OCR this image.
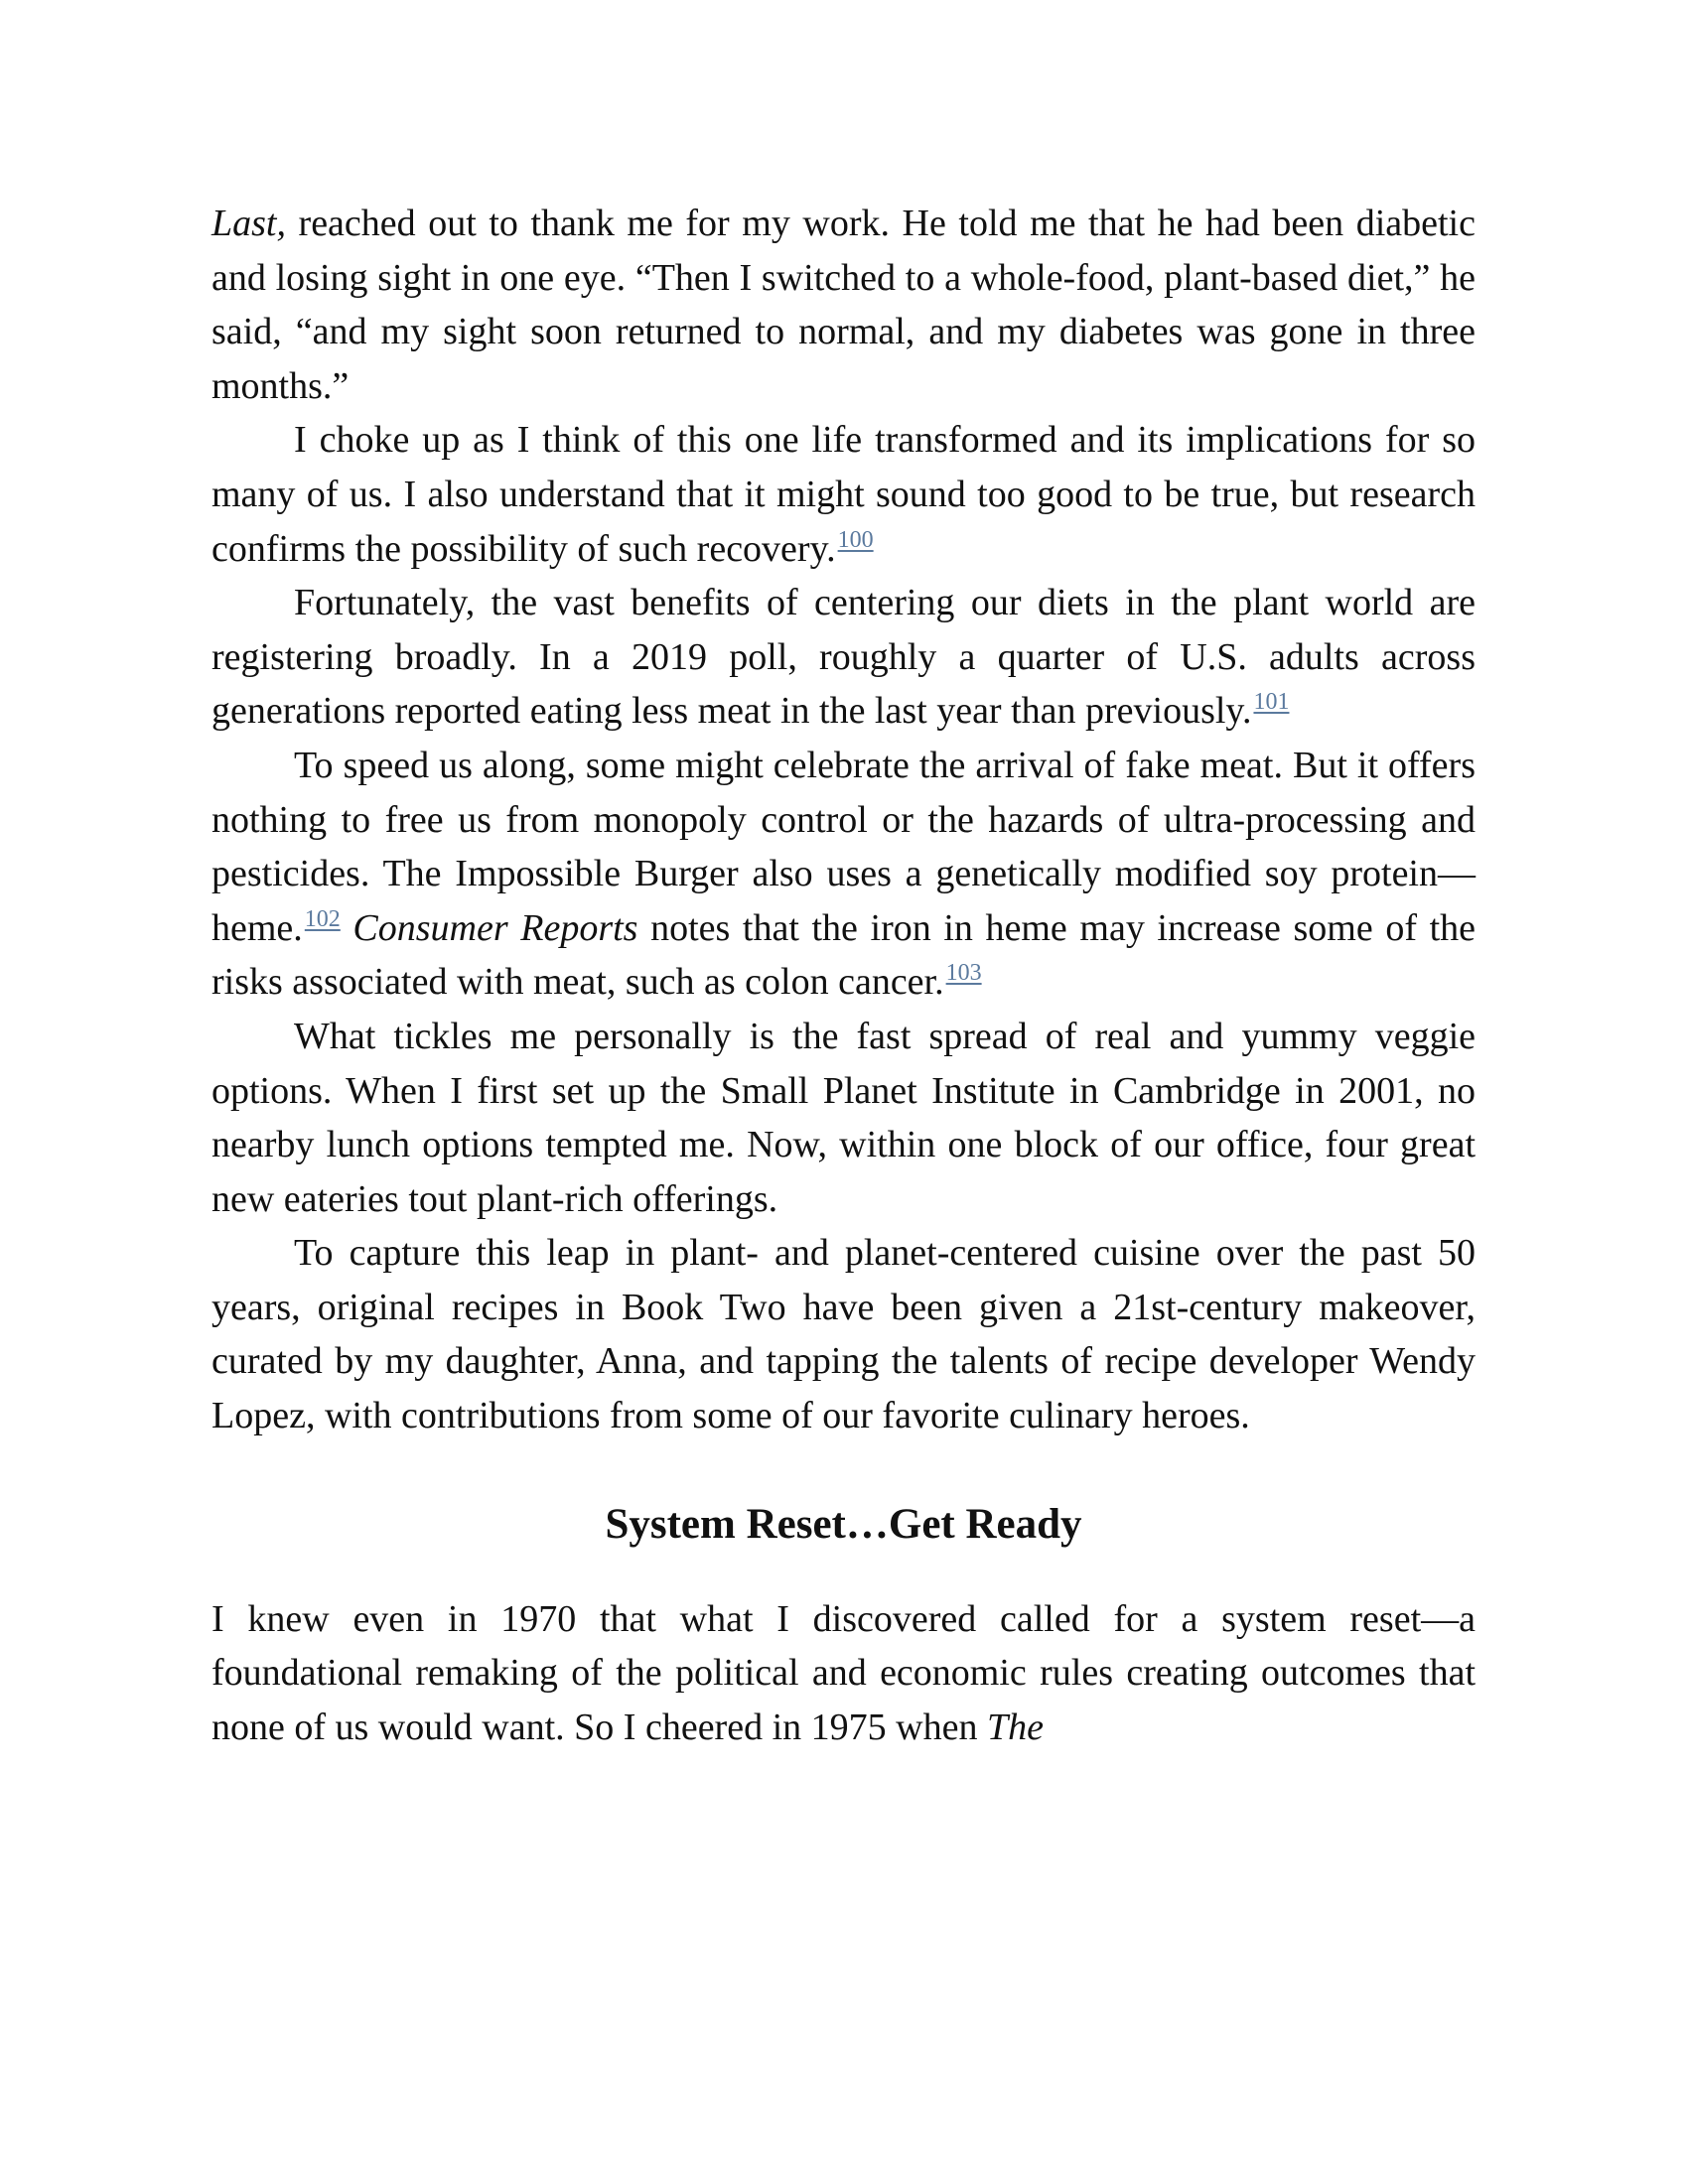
Last, reached out to thank me for my work. He told me that he had been diabetic and losing sight in one eye. “Then I switched to a whole-food, plant-based diet,” he said, “and my sight soon returned to normal, and my diabetes was gone in three months.”

I choke up as I think of this one life transformed and its implications for so many of us. I also understand that it might sound too good to be true, but research confirms the possibility of such recovery.$^{100}$

Fortunately, the vast benefits of centering our diets in the plant world are registering broadly. In a 2019 poll, roughly a quarter of U.S. adults across generations reported eating less meat in the last year than previously.$^{101}$

To speed us along, some might celebrate the arrival of fake meat. But it offers nothing to free us from monopoly control or the hazards of ultra-processing and pesticides. The Impossible Burger also uses a genetically modified soy protein—heme.$^{102}$ Consumer Reports notes that the iron in heme may increase some of the risks associated with meat, such as colon cancer.$^{103}$

What tickles me personally is the fast spread of real and yummy veggie options. When I first set up the Small Planet Institute in Cambridge in 2001, no nearby lunch options tempted me. Now, within one block of our office, four great new eateries tout plant-rich offerings.

To capture this leap in plant- and planet-centered cuisine over the past 50 years, original recipes in Book Two have been given a 21st-century makeover, curated by my daughter, Anna, and tapping the talents of recipe developer Wendy Lopez, with contributions from some of our favorite culinary heroes.

System Reset…Get Ready

I knew even in 1970 that what I discovered called for a system reset—a foundational remaking of the political and economic rules creating outcomes that none of us would want. So I cheered in 1975 when The
